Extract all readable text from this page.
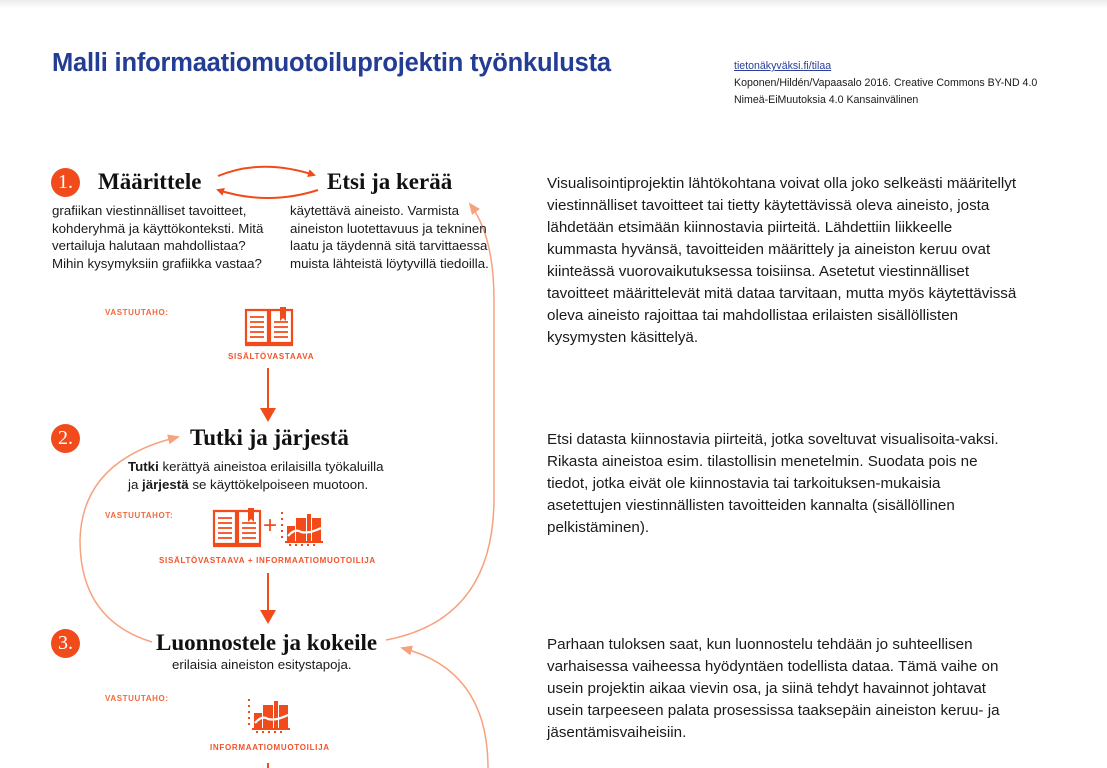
Malli informaatiomuotoiluprojektin työnkulusta	tietonäkyväksi.fi/tilaa
Koponen/Hildén/Vapaasalo 2016. Creative Commons BY-ND 4.0
Nimeä-EiMuutoksia 4.0 Kansainvälinen
1.	Määrittele	Etsi ja kerää
grafiikan viestinnälliset tavoitteet, kohderyhmä ja käyttökonteksti. Mitä vertailuja halutaan mahdollistaa? Mihin kysymyksiin grafiikka vastaa?
käytettävä aineisto. Varmista aineiston luotettavuus ja tekninen laatu ja täydennä sitä tarvittaessa muista lähteistä löytyvillä tiedoilla.
VASTUUTAHO:
SISÄLTÖVASTAAVA
Visualisointiprojektin lähtökohtana voivat olla joko selkeästi määritellyt viestinnälliset tavoitteet tai tietty käytettävissä oleva aineisto, josta lähdetään etsimään kiinnostavia piirteitä. Lähdettiin liikkeelle kummasta hyvänsä, tavoitteiden määrittely ja aineiston keruu ovat kiinteässä vuorovaikutuksessa toisiinsa. Asetetut viestinnälliset tavoitteet määrittelevät mitä dataa tarvitaan, mutta myös käytettävissä oleva aineisto rajoittaa tai mahdollistaa erilaisten sisällöllisten kysymysten käsittelyä.
2.	Tutki ja järjestä
Tutki kerättyä aineistoa erilaisilla työkaluilla
ja järjestä se käyttökelpoiseen muotoon.
VASTUUTAHOT:	+
SISÄLTÖVASTAAVA + INFORMAATIOMUOTOILIJA
Etsi datasta kiinnostavia piirteitä, jotka soveltuvat visualisoita-vaksi. Rikasta aineistoa esim. tilastollisin menetelmin. Suodata pois ne tiedot, jotka eivät ole kiinnostavia tai tarkoituksen-mukaisia asetettujen viestinnällisten tavoitteiden kannalta (sisällöllinen pelkistäminen).
3.	Luonnostele ja kokeile
erilaisia aineiston esitystapoja.
VASTUUTAHO:
INFORMAATIOMUOTOILIJA
Parhaan tuloksen saat, kun luonnostelu tehdään jo suhteellisen varhaisessa vaiheessa hyödyntäen todellista dataa. Tämä vaihe on usein projektin aikaa vievin osa, ja siinä tehdyt havainnot johtavat usein tarpeeseen palata prosessissa taaksepäin aineiston keruu- ja jäsentämisvaiheisiin.
